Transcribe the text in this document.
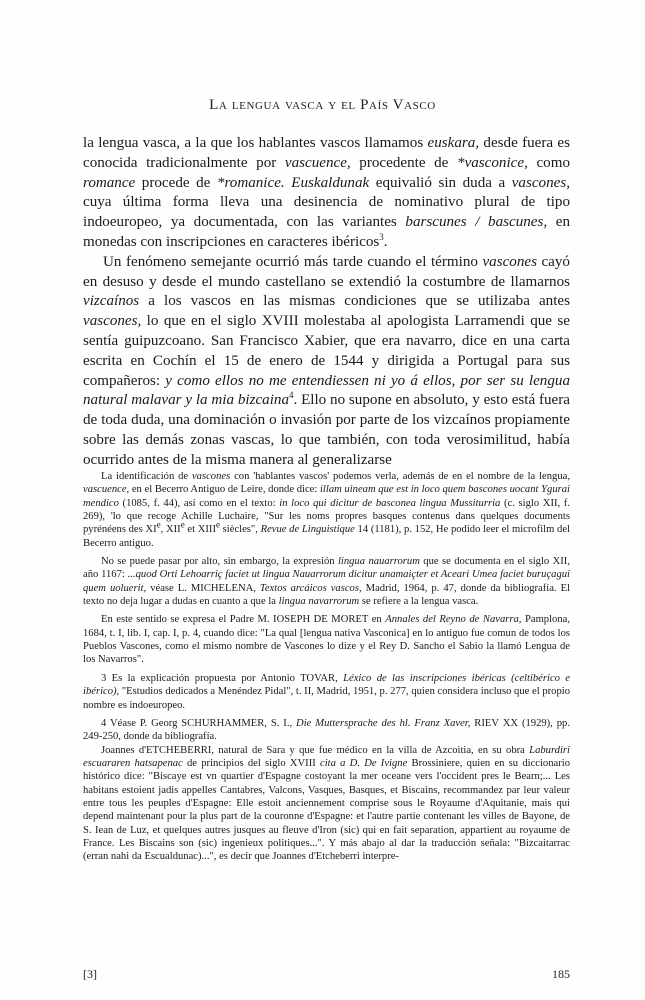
La lengua vasca y el País Vasco

la lengua vasca, a la que los hablantes vascos llamamos euskara, desde fuera es conocida tradicionalmente por vascuence, procedente de *vasconice, como romance procede de *romanice. Euskaldunak equivalió sin duda a vascones, cuya última forma lleva una desinencia de nominativo plural de tipo indoeuropeo, ya documentada, con las variantes barscunes / bascunes, en monedas con inscripciones en caracteres ibéricos$^3$.

Un fenómeno semejante ocurrió más tarde cuando el término vascones cayó en desuso y desde el mundo castellano se extendió la costumbre de llamarnos vizcaínos a los vascos en las mismas condiciones que se utilizaba antes vascones, lo que en el siglo XVIII molestaba al apologista Larramendi que se sentía guipuzcoano. San Francisco Xabier, que era navarro, dice en una carta escrita en Cochín el 15 de enero de 1544 y dirigida a Portugal para sus compañeros: y como ellos no me entendiessen ni yo á ellos, por ser su lengua natural malavar y la mia bizcaina$^4$. Ello no supone en absoluto, y esto está fuera de toda duda, una dominación o invasión por parte de los vizcaínos propiamente sobre las demás zonas vascas, lo que también, con toda verosimilitud, había ocurrido antes de la misma manera al generalizarse

La identificación de vascones con 'hablantes vascos' podemos verla, además de en el nombre de la lengua, vascuence, en el Becerro Antiguo de Leire, donde dice: illam uineam que est in loco quem bascones uocant Ygurai mendico (1085, f. 44), así como en el texto: in loco qui dicitur de basconea lingua Mussiturria (c. siglo XII, f. 269), 'lo que recoge Achille Luchaire, "Sur les noms propres basques contenus dans quelques documents pyrénéens des XIe, XIIe et XIIIe siècles", Revue de Linguistique 14 (1181), p. 152, He podido leer el microfilm del Becerro antiguo.

No se puede pasar por alto, sin embargo, la expresión lingua nauarrorum que se documenta en el siglo XII, año 1167: ...quod Orti Lehoarriç faciet ut lingua Nauarrorum dicitur unamaiçter et Aceari Umea faciet buruçagui quem uoluerit, véase L. MICHELENA, Textos arcáicos vascos, Madrid, 1964, p. 47, donde da bibliografía. El texto no deja lugar a dudas en cuanto a que la lingua navarrorum se refiere a la lengua vasca.

En este sentido se expresa el Padre M. IOSEPH DE MORET en Annales del Reyno de Navarra, Pamplona, 1684, t. I, lib. I, cap. I, p. 4, cuando dice: "La qual [lengua nativa Vasconica] en lo antiguo fue comun de todos los Pueblos Vascones, como el mismo nombre de Vascones lo dize y el Rey D. Sancho el Sabio la llamó Lengua de los Navarros".

3 Es la explicación propuesta por Antonio TOVAR, Léxico de las inscripciones ibéricas (celtibérico e ibérico), "Estudios dedicados a Menéndez Pidal", t. II, Madrid, 1951, p. 277, quien considera incluso que el propio nombre es indoeuropeo.

4 Véase P. Georg SCHURHAMMER, S. I., Die Muttersprache des hl. Franz Xaver, RIEV XX (1929), pp. 249-250, donde da bibliografía.

Joannes d'ETCHEBERRI, natural de Sara y que fue médico en la villa de Azcoitia, en su obra Laburdiri escuararen hatsapenac de principios del siglo XVIII cita a D. De Ivigne Brossiniere, quien en su diccionario histórico dice: "Biscaye est vn quartier d'Espagne costoyant la mer oceane vers l'occident pres le Bearn;... Les habitans estoient jadis appelles Cantabres, Valcons, Vasques, Basques, et Biscains, recommandez par leur valeur entre tous les peuples d'Espagne: Elle estoit anciennement comprise sous le Royaume d'Aquitanie, mais qui depend maintenant pour la plus part de la couronne d'Espagne: et l'autre partie contenant les villes de Bayone, de S. Iean de Luz, et quelques autres jusques au fleuve d'Iron (sic) qui en fait separation, appartient au royaume de France. Les Biscains son (sic) ingenieux politiques...". Y más abajo al dar la traducción señala: "Bizcaitarrac (erran nahi da Escualdunac)...", es decir que Joannes d'Etcheberri interpre-

[3]	185
